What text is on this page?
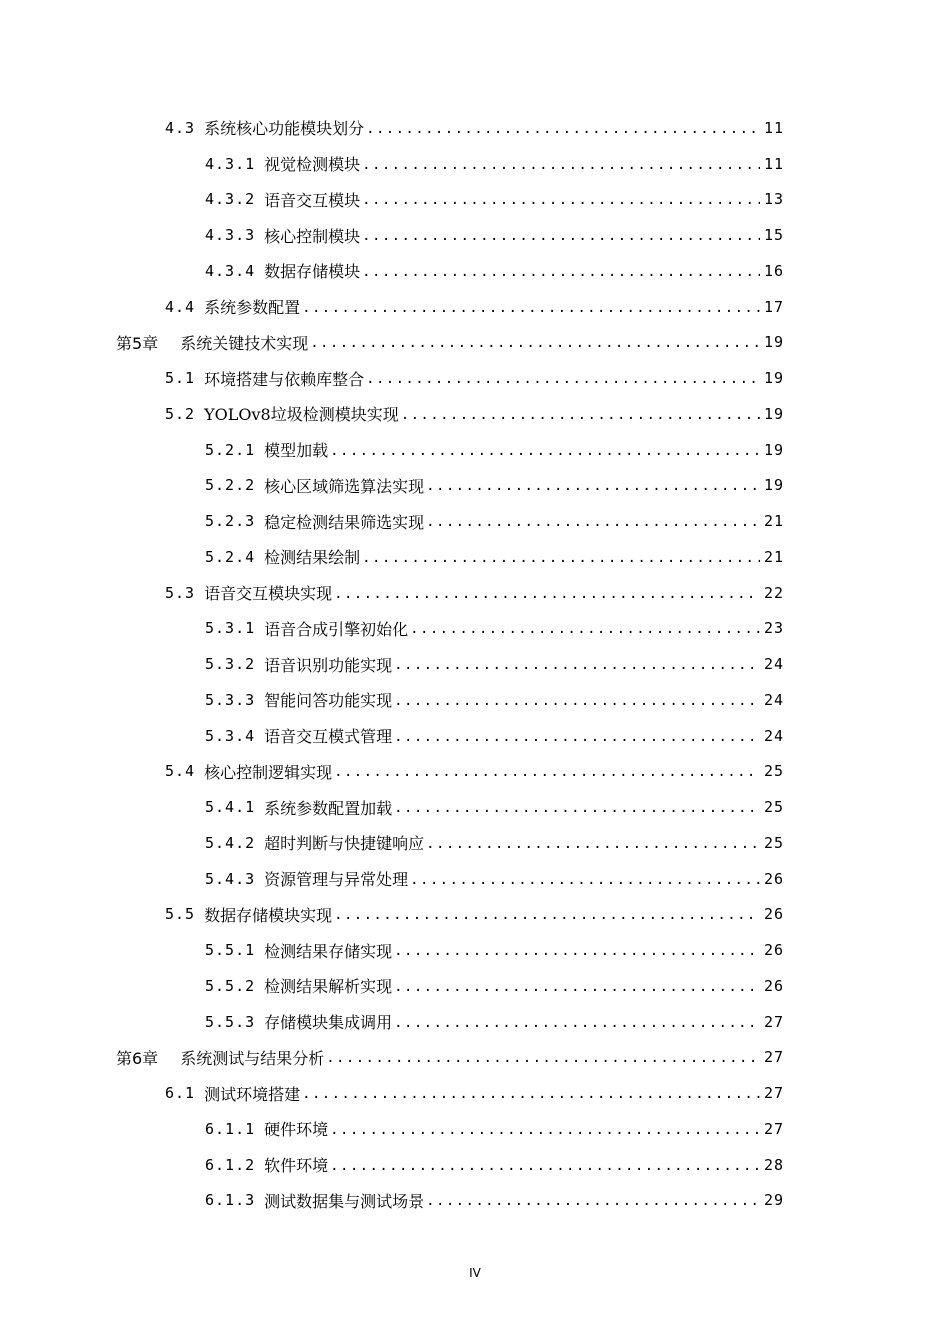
4.3 系统核心功能模块划分 .....	11
4.3.1 视觉检测模块 .....	11
4.3.2 语音交互模块 .....	13
4.3.3 核心控制模块 .....	15
4.3.4 数据存储模块 .....	16
4.4 系统参数配置 .....	17
第5章 系统关键技术实现 .....	19
5.1 环境搭建与依赖库整合 .....	19
5.2 YOLOv8垃圾检测模块实现 .....	19
5.2.1 模型加载 .....	19
5.2.2 核心区域筛选算法实现 .....	19
5.2.3 稳定检测结果筛选实现 .....	21
5.2.4 检测结果绘制 .....	21
5.3 语音交互模块实现 .....	22
5.3.1 语音合成引擎初始化 .....	23
5.3.2 语音识别功能实现 .....	24
5.3.3 智能问答功能实现 .....	24
5.3.4 语音交互模式管理 .....	24
5.4 核心控制逻辑实现 .....	25
5.4.1 系统参数配置加载 .....	25
5.4.2 超时判断与快捷键响应 .....	25
5.4.3 资源管理与异常处理 .....	26
5.5 数据存储模块实现 .....	26
5.5.1 检测结果存储实现 .....	26
5.5.2 检测结果解析实现 .....	26
5.5.3 存储模块集成调用 .....	27
第6章 系统测试与结果分析 .....	27
6.1 测试环境搭建 .....	27
6.1.1 硬件环境 .....	27
6.1.2 软件环境 .....	28
6.1.3 测试数据集与测试场景 .....	29
IV
